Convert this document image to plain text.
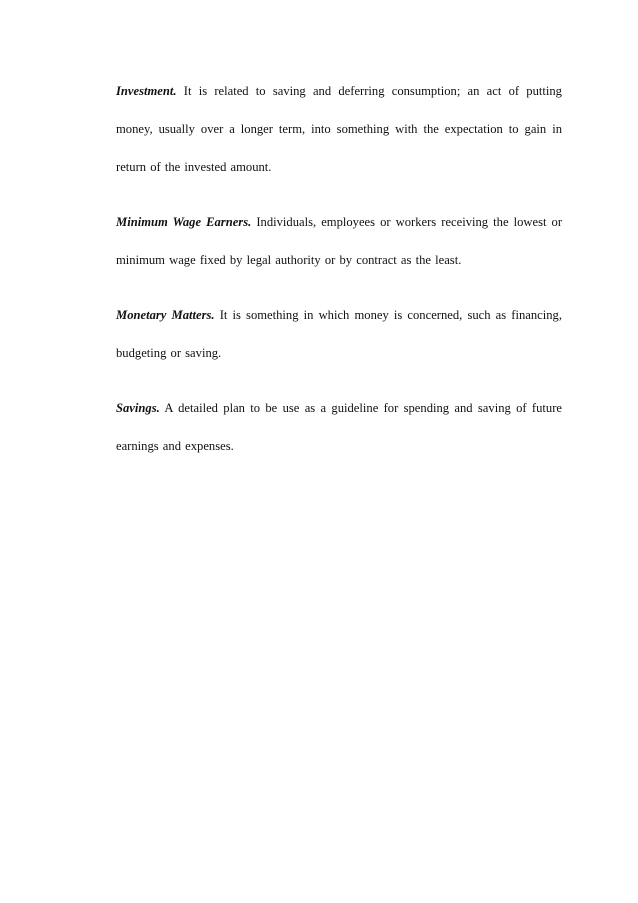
Investment. It is related to saving and deferring consumption; an act of putting money, usually over a longer term, into something with the expectation to gain in return of the invested amount.

Minimum Wage Earners. Individuals, employees or workers receiving the lowest or minimum wage fixed by legal authority or by contract as the least.

Monetary Matters. It is something in which money is concerned, such as financing, budgeting or saving.

Savings. A detailed plan to be use as a guideline for spending and saving of future earnings and expenses.
